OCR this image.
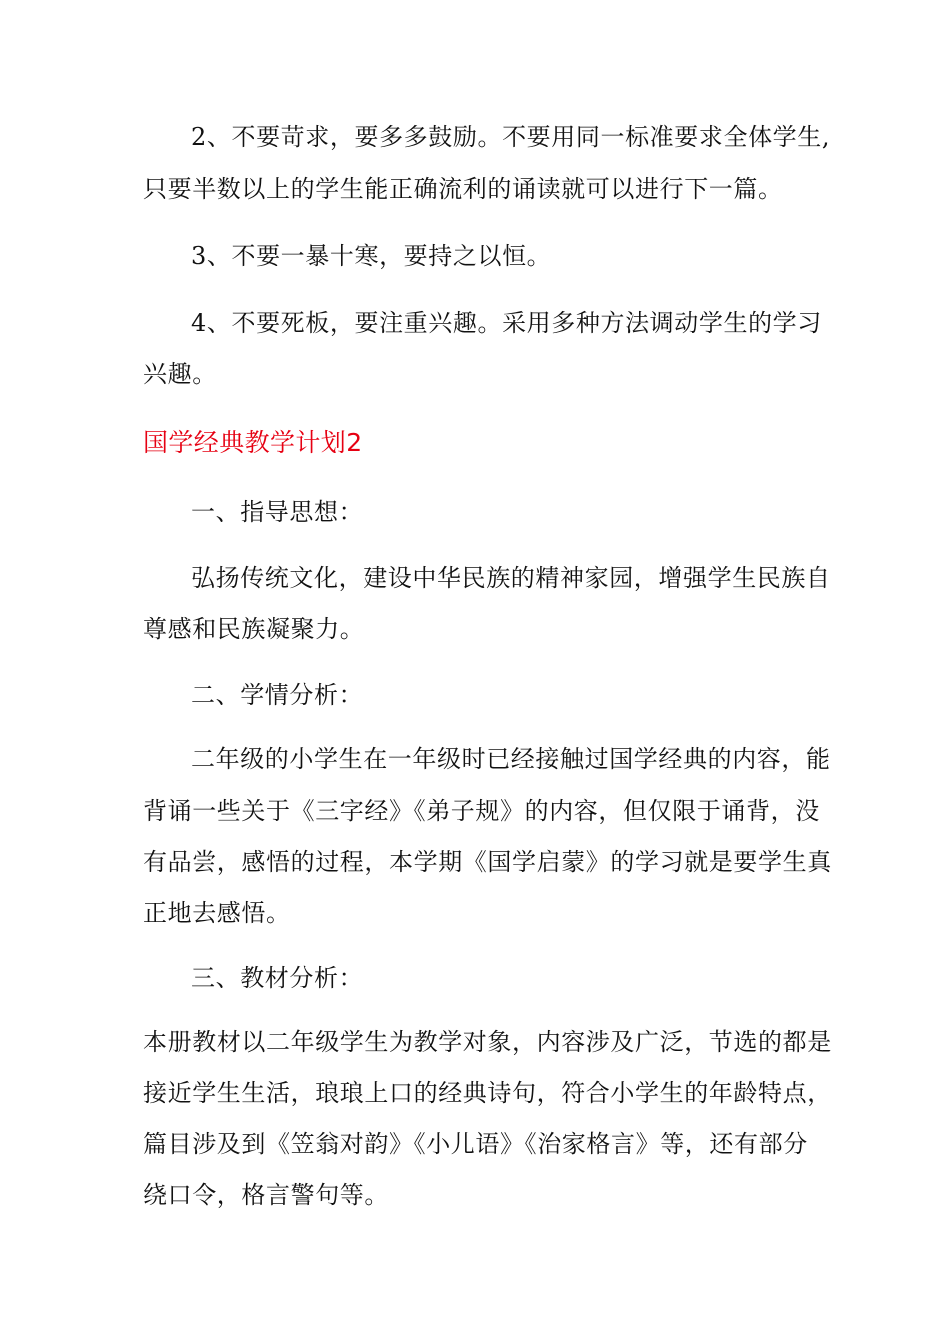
2、不要苛求，要多多鼓励。不要用同一标准要求全体学生,

只要半数以上的学生能正确流利的诵读就可以进行下一篇。

3、不要一暴十寒，要持之以恒。

4、不要死板，要注重兴趣。采用多种方法调动学生的学习

兴趣。

国学经典教学计划2

一、指导思想：

弘扬传统文化，建设中华民族的精神家园，增强学生民族自

尊感和民族凝聚力。

二、学情分析：

二年级的小学生在一年级时已经接触过国学经典的内容，能

背诵一些关于《三字经》《弟子规》的内容，但仅限于诵背，没

有品尝，感悟的过程，本学期《国学启蒙》的学习就是要学生真

正地去感悟。

三、教材分析：

本册教材以二年级学生为教学对象，内容涉及广泛，节选的都是

接近学生生活，琅琅上口的经典诗句，符合小学生的年龄特点，

篇目涉及到《笠翁对韵》《小儿语》《治家格言》等，还有部分

绕口令，格言警句等。
